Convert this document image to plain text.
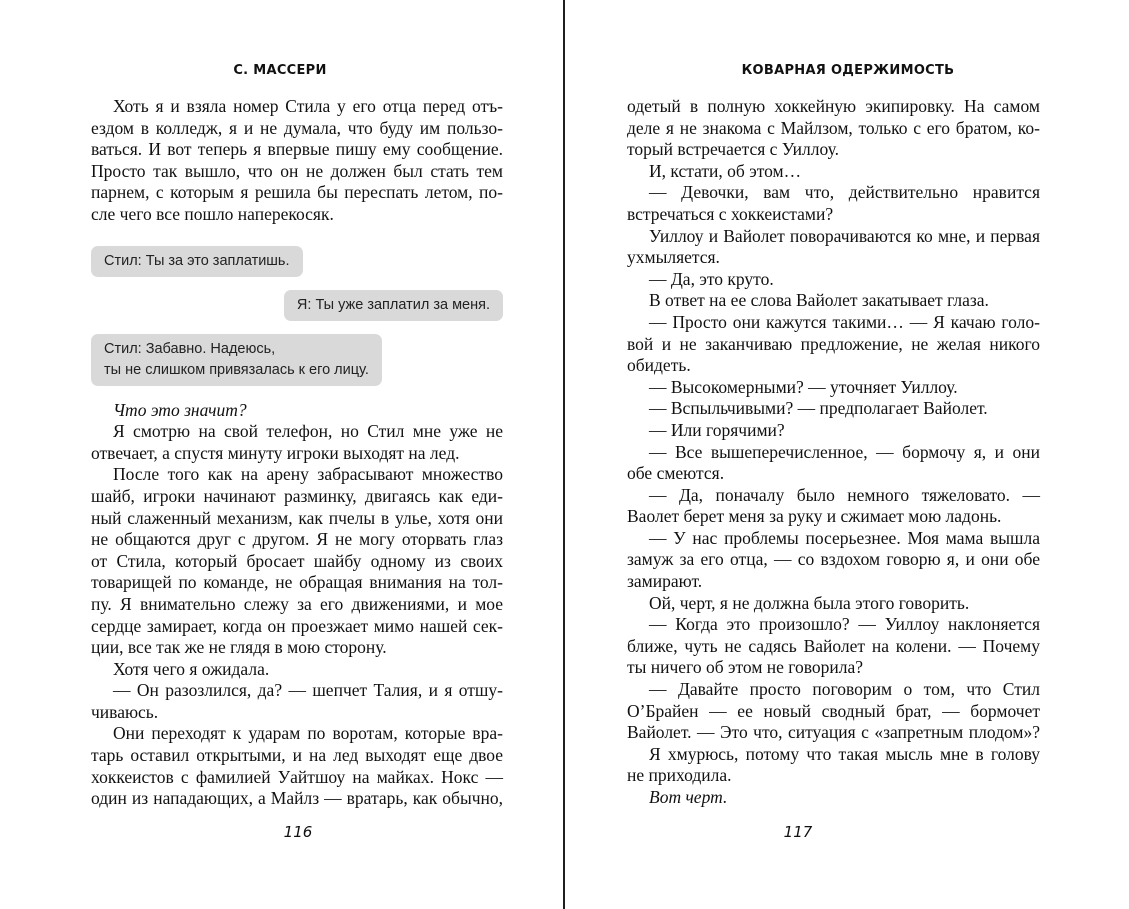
С. МАССЕРИ

Хоть я и взяла номер Стила у его отца перед отъ-

ездом в колледж, я и не думала, что буду им пользо-

ваться. И вот теперь я впервые пишу ему сообщение.

Просто так вышло, что он не должен был стать тем

парнем, с которым я решила бы переспать летом, по-

сле чего все пошло наперекосяк.

Стил: Ты за это заплатишь.
Я: Ты уже заплатил за меня.
Стил: Забавно. Надеюсь,
ты не слишком привязалась к его лицу.

Что это значит?

Я смотрю на свой телефон, но Стил мне уже не

отвечает, а спустя минуту игроки выходят на лед.

После того как на арену забрасывают множество

шайб, игроки начинают разминку, двигаясь как еди-

ный слаженный механизм, как пчелы в улье, хотя они

не общаются друг с другом. Я не могу оторвать глаз

от Стила, который бросает шайбу одному из своих

товарищей по команде, не обращая внимания на тол-

пу. Я внимательно слежу за его движениями, и мое

сердце замирает, когда он проезжает мимо нашей сек-

ции, все так же не глядя в мою сторону.

Хотя чего я ожидала.

— Он разозлился, да? — шепчет Талия, и я отшу-

чиваюсь.

Они переходят к ударам по воротам, которые вра-

тарь оставил открытыми, и на лед выходят еще двое

хоккеистов с фамилией Уайтшоу на майках. Нокс —

один из нападающих, а Майлз — вратарь, как обычно,

116
КОВАРНАЯ ОДЕРЖИМОСТЬ

одетый в полную хоккейную экипировку. На самом

деле я не знакома с Майлзом, только с его братом, ко-

торый встречается с Уиллоу.

И, кстати, об этом…

— Девочки, вам что, действительно нравится

встречаться с хоккеистами?

Уиллоу и Вайолет поворачиваются ко мне, и первая

ухмыляется.

— Да, это круто.

В ответ на ее слова Вайолет закатывает глаза.

— Просто они кажутся такими… — Я качаю голо-

вой и не заканчиваю предложение, не желая никого

обидеть.

— Высокомерными? — уточняет Уиллоу.

— Вспыльчивыми? — предполагает Вайолет.

— Или горячими?

— Все вышеперечисленное, — бормочу я, и они

обе смеются.

— Да, поначалу было немного тяжеловато. —

Ваолет берет меня за руку и сжимает мою ладонь.

— У нас проблемы посерьезнее. Моя мама вышла

замуж за его отца, — со вздохом говорю я, и они обе

замирают.

Ой, черт, я не должна была этого говорить.

— Когда это произошло? — Уиллоу наклоняется

ближе, чуть не садясь Вайолет на колени. — Почему

ты ничего об этом не говорила?

— Давайте просто поговорим о том, что Стил

О’Брайен — ее новый сводный брат, — бормочет

Вайолет. — Это что, ситуация с «запретным плодом»?

Я хмурюсь, потому что такая мысль мне в голову

не приходила.

Вот черт.

117
